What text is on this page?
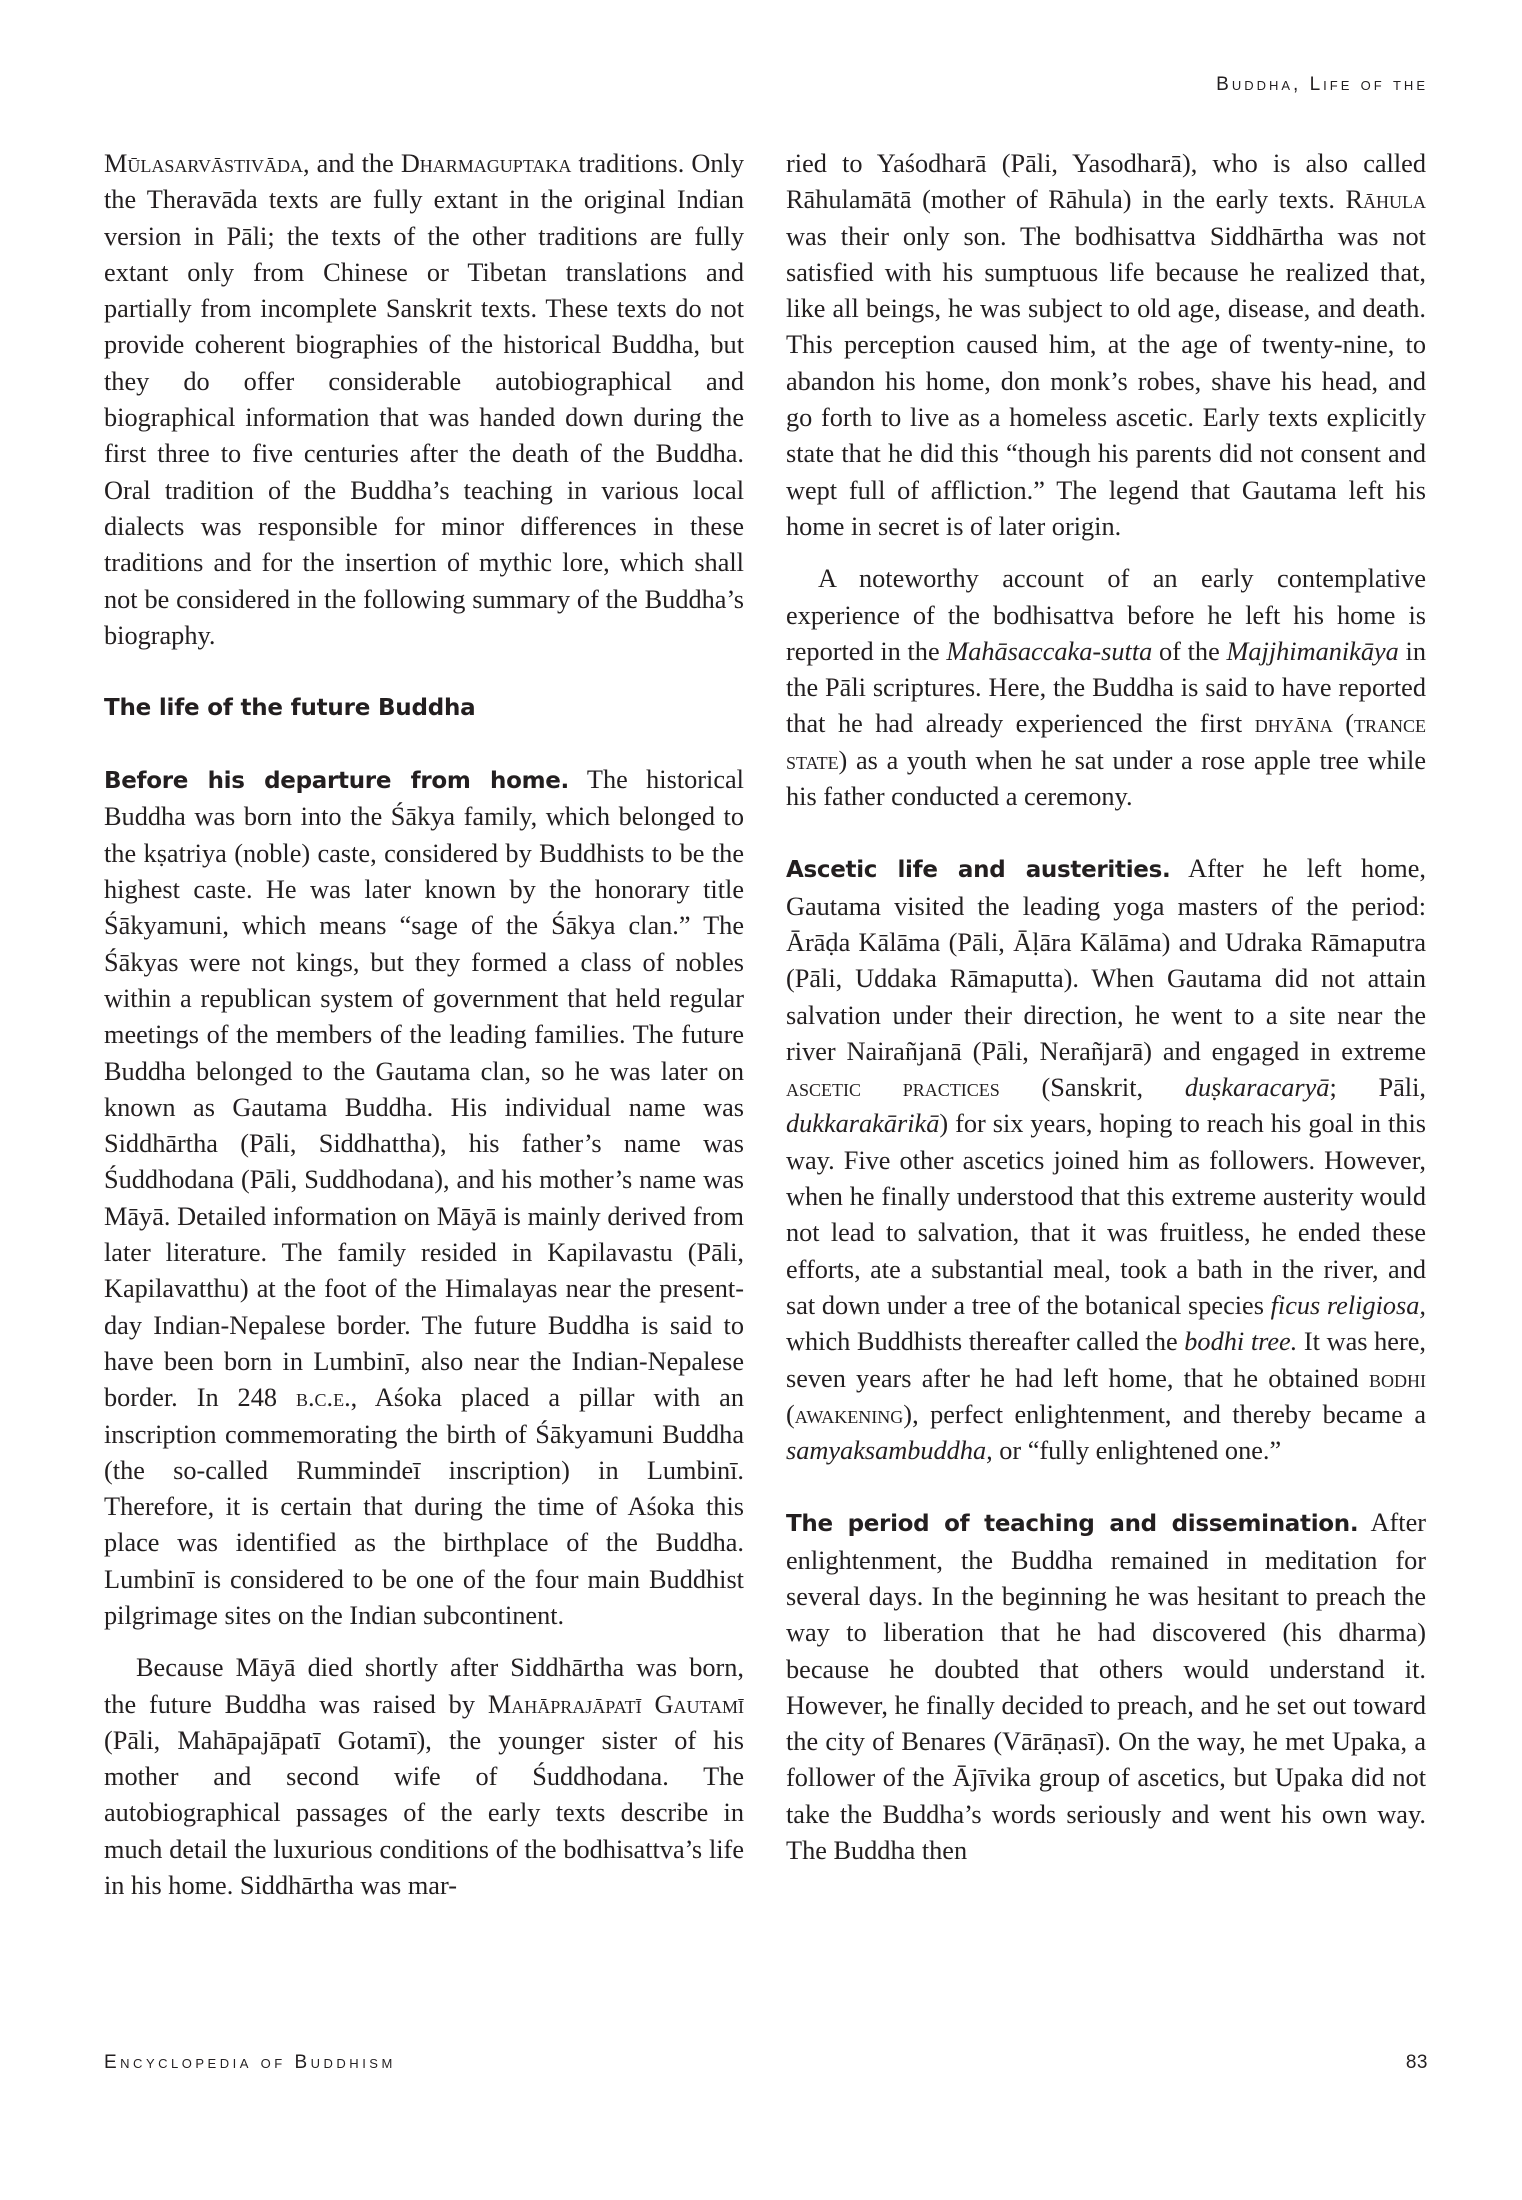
Buddha, Life of the

Mūlasarvāstivāda, and the Dharmaguptaka traditions. Only the Theravāda texts are fully extant in the original Indian version in Pāli; the texts of the other traditions are fully extant only from Chinese or Tibetan translations and partially from incomplete Sanskrit texts. These texts do not provide coherent biographies of the historical Buddha, but they do offer considerable autobiographical and biographical information that was handed down during the first three to five centuries after the death of the Buddha. Oral tradition of the Buddha’s teaching in various local dialects was responsible for minor differences in these traditions and for the insertion of mythic lore, which shall not be considered in the following summary of the Buddha’s biography.

The life of the future Buddha

Before his departure from home. The historical Buddha was born into the Śākya family, which belonged to the kṣatriya (noble) caste, considered by Buddhists to be the highest caste. He was later known by the honorary title Śākyamuni, which means “sage of the Śākya clan.” The Śākyas were not kings, but they formed a class of nobles within a republican system of government that held regular meetings of the members of the leading families. The future Buddha belonged to the Gautama clan, so he was later on known as Gautama Buddha. His individual name was Siddhārtha (Pāli, Siddhattha), his father’s name was Śuddhodana (Pāli, Suddhodana), and his mother’s name was Māyā. Detailed information on Māyā is mainly derived from later literature. The family resided in Kapilavastu (Pāli, Kapilavatthu) at the foot of the Himalayas near the present-day Indian-Nepalese border. The future Buddha is said to have been born in Lumbinī, also near the Indian-Nepalese border. In 248 b.c.e., Aśoka placed a pillar with an inscription commemorating the birth of Śākyamuni Buddha (the so-called Rummindeī inscription) in Lumbinī. Therefore, it is certain that during the time of Aśoka this place was identified as the birthplace of the Buddha. Lumbinī is considered to be one of the four main Buddhist pilgrimage sites on the Indian subcontinent.

Because Māyā died shortly after Siddhārtha was born, the future Buddha was raised by Mahāprajāpatī Gautamī (Pāli, Mahāpajāpatī Gotamī), the younger sister of his mother and second wife of Śuddhodana. The autobiographical passages of the early texts describe in much detail the luxurious conditions of the bodhisattva’s life in his home. Siddhārtha was mar-

ried to Yaśodharā (Pāli, Yasodharā), who is also called Rāhulamātā (mother of Rāhula) in the early texts. Rāhula was their only son. The bodhisattva Siddhārtha was not satisfied with his sumptuous life because he realized that, like all beings, he was subject to old age, disease, and death. This perception caused him, at the age of twenty-nine, to abandon his home, don monk’s robes, shave his head, and go forth to live as a homeless ascetic. Early texts explicitly state that he did this “though his parents did not consent and wept full of affliction.” The legend that Gautama left his home in secret is of later origin.

A noteworthy account of an early contemplative experience of the bodhisattva before he left his home is reported in the Mahāsaccaka-sutta of the Majjhimanikāya in the Pāli scriptures. Here, the Buddha is said to have reported that he had already experienced the first dhyāna (trance state) as a youth when he sat under a rose apple tree while his father conducted a ceremony.

Ascetic life and austerities. After he left home, Gautama visited the leading yoga masters of the period: Ārāḍa Kālāma (Pāli, Āḷāra Kālāma) and Udraka Rāmaputra (Pāli, Uddaka Rāmaputta). When Gautama did not attain salvation under their direction, he went to a site near the river Nairañjanā (Pāli, Nerañjarā) and engaged in extreme ascetic practices (Sanskrit, duṣkaracaryā; Pāli, dukkarakārikā) for six years, hoping to reach his goal in this way. Five other ascetics joined him as followers. However, when he finally understood that this extreme austerity would not lead to salvation, that it was fruitless, he ended these efforts, ate a substantial meal, took a bath in the river, and sat down under a tree of the botanical species ficus religiosa, which Buddhists thereafter called the bodhi tree. It was here, seven years after he had left home, that he obtained bodhi (awakening), perfect enlightenment, and thereby became a samyaksambuddha, or “fully enlightened one.”

The period of teaching and dissemination. After enlightenment, the Buddha remained in meditation for several days. In the beginning he was hesitant to preach the way to liberation that he had discovered (his dharma) because he doubted that others would understand it. However, he finally decided to preach, and he set out toward the city of Benares (Vārāṇasī). On the way, he met Upaka, a follower of the Ājīvika group of ascetics, but Upaka did not take the Buddha’s words seriously and went his own way. The Buddha then

Encyclopedia of Buddhism	83
